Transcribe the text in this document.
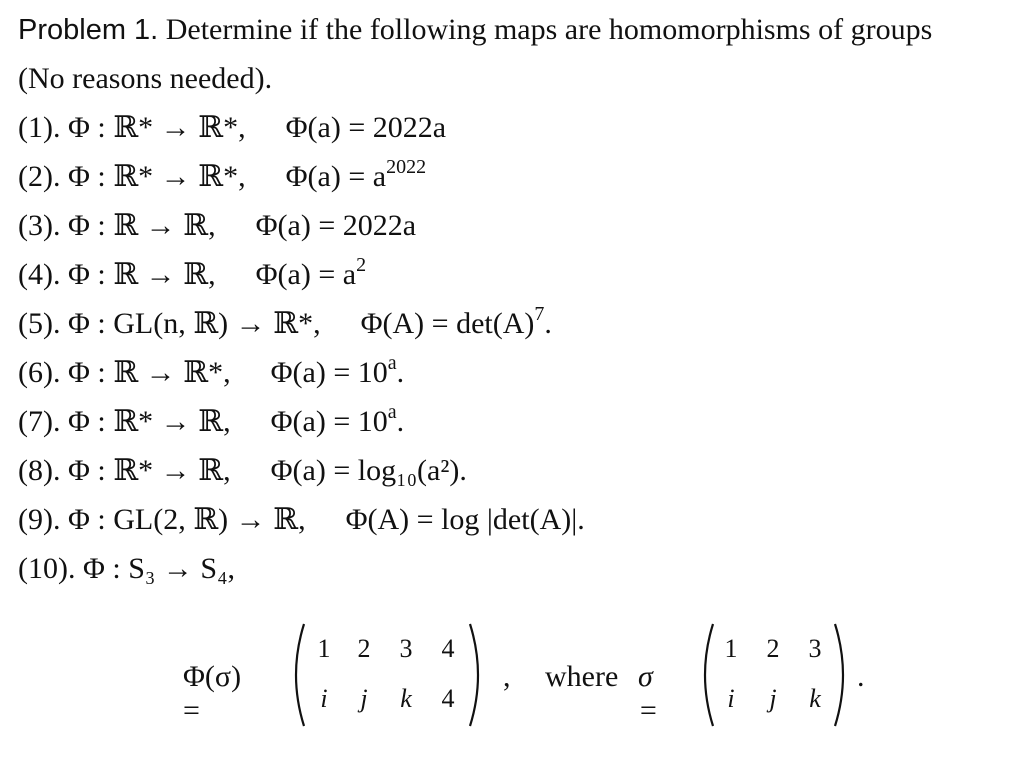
Problem 1. Determine if the following maps are homomorphisms of groups
(No reasons needed).
(1). Φ : ℝ* → ℝ*, Φ(a) = 2022a
(2). Φ : ℝ* → ℝ*, $\Phi(a) = a^{2022}$
(3). Φ : ℝ → ℝ, Φ(a) = 2022a
(4). Φ : ℝ → ℝ, $\Phi(a) = a^2$
(5). Φ : GL(n, ℝ) → ℝ*, $\Phi(A) = \det(A)^7$.
(6). Φ : ℝ → ℝ*, $\Phi(a) = 10^a$.
(7). Φ : ℝ* → ℝ, $\Phi(a) = 10^a$.
(8). Φ : ℝ* → ℝ, Φ(a) = log₁₀(a²).
(9). Φ : GL(2, ℝ) → ℝ, Φ(A) = log |det(A)|.
(10). Φ : S₃ → S₄,
Φ(σ) =
1	2	3	4
i	j	k	4
, where σ =
1	2	3
i	j	k
.
